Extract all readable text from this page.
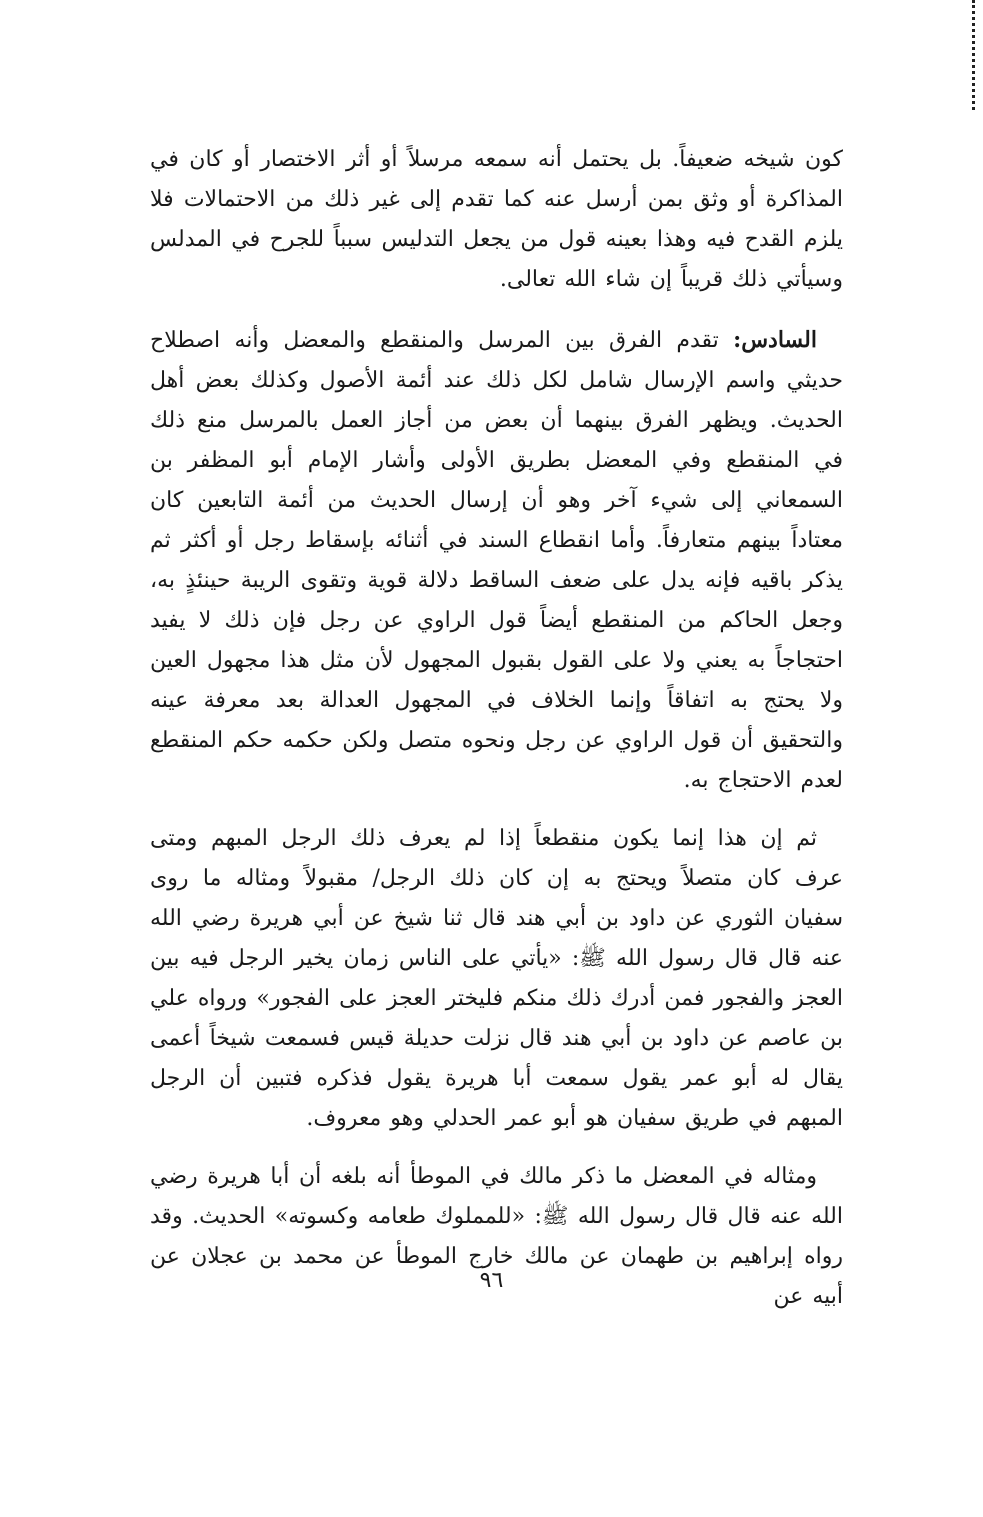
كون شيخه ضعيفاً. بل يحتمل أنه سمعه مرسلاً أو أثر الاختصار أو كان في المذاكرة أو وثق بمن أرسل عنه كما تقدم إلى غير ذلك من الاحتمالات فلا يلزم القدح فيه وهذا بعينه قول من يجعل التدليس سبباً للجرح في المدلس وسيأتي ذلك قريباً إن شاء الله تعالى.

السادس: تقدم الفرق بين المرسل والمنقطع والمعضل وأنه اصطلاح حديثي واسم الإرسال شامل لكل ذلك عند أئمة الأصول وكذلك بعض أهل الحديث. ويظهر الفرق بينهما أن بعض من أجاز العمل بالمرسل منع ذلك في المنقطع وفي المعضل بطريق الأولى وأشار الإمام أبو المظفر بن السمعاني إلى شيء آخر وهو أن إرسال الحديث من أئمة التابعين كان معتاداً بينهم متعارفاً. وأما انقطاع السند في أثنائه بإسقاط رجل أو أكثر ثم يذكر باقيه فإنه يدل على ضعف الساقط دلالة قوية وتقوى الريبة حينئذٍ به، وجعل الحاكم من المنقطع أيضاً قول الراوي عن رجل فإن ذلك لا يفيد احتجاجاً به يعني ولا على القول بقبول المجهول لأن مثل هذا مجهول العين ولا يحتج به اتفاقاً وإنما الخلاف في المجهول العدالة بعد معرفة عينه والتحقيق أن قول الراوي عن رجل ونحوه متصل ولكن حكمه حكم المنقطع لعدم الاحتجاج به.

ثم إن هذا إنما يكون منقطعاً إذا لم يعرف ذلك الرجل المبهم ومتى عرف كان متصلاً ويحتج به إن كان ذلك الرجل/ مقبولاً ومثاله ما روى سفيان الثوري عن داود بن أبي هند قال ثنا شيخ عن أبي هريرة رضي الله عنه قال قال رسول الله ﷺ: «يأتي على الناس زمان يخير الرجل فيه بين العجز والفجور فمن أدرك ذلك منكم فليختر العجز على الفجور» ورواه علي بن عاصم عن داود بن أبي هند قال نزلت حديلة قيس فسمعت شيخاً أعمى يقال له أبو عمر يقول سمعت أبا هريرة يقول فذكره فتبين أن الرجل المبهم في طريق سفيان هو أبو عمر الحدلي وهو معروف.

ومثاله في المعضل ما ذكر مالك في الموطأ أنه بلغه أن أبا هريرة رضي الله عنه قال قال رسول الله ﷺ: «للمملوك طعامه وكسوته» الحديث. وقد رواه إبراهيم بن طهمان عن مالك خارج الموطأ عن محمد بن عجلان عن أبيه عن

٩٦
